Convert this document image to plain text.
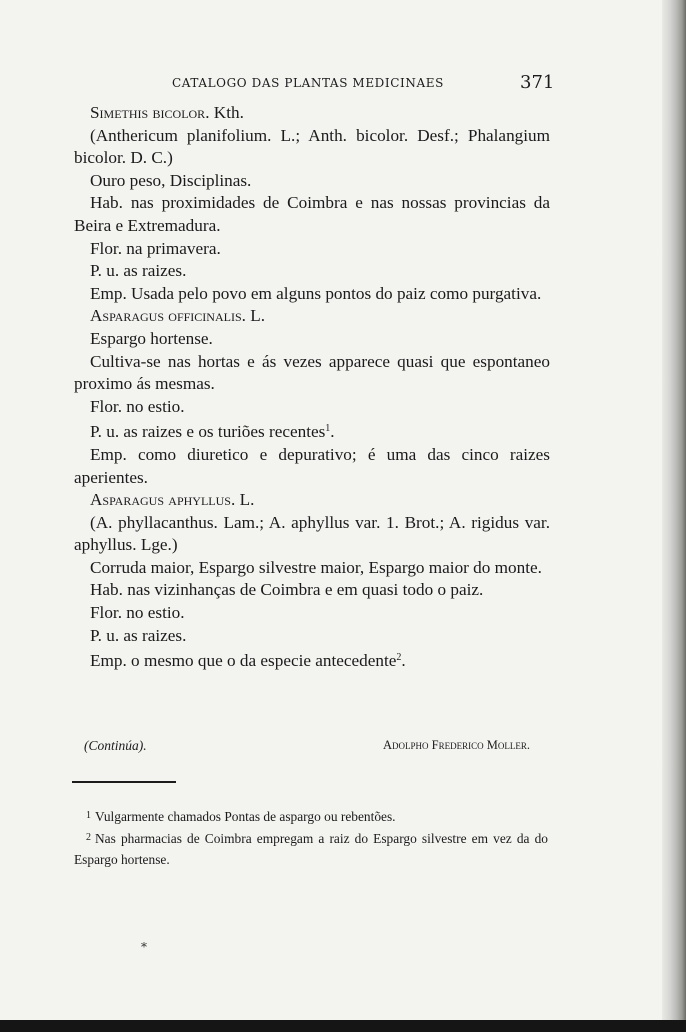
CATALOGO DAS PLANTAS MEDICINAES	371

Simethis bicolor. Kth.

(Anthericum planifolium. L.; Anth. bicolor. Desf.; Phalangium bicolor. D. C.)

Ouro peso, Disciplinas.

Hab. nas proximidades de Coimbra e nas nossas provincias da Beira e Extremadura.

Flor. na primavera.

P. u. as raizes.

Emp. Usada pelo povo em alguns pontos do paiz como purgativa.

Asparagus officinalis. L.

Espargo hortense.

Cultiva-se nas hortas e ás vezes apparece quasi que espontaneo proximo ás mesmas.

Flor. no estio.

P. u. as raizes e os turiões recentes$^1$.

Emp. como diuretico e depurativo; é uma das cinco raizes aperientes.

Asparagus aphyllus. L.

(A. phyllacanthus. Lam.; A. aphyllus var. 1. Brot.; A. rigidus var. aphyllus. Lge.)

Corruda maior, Espargo silvestre maior, Espargo maior do monte.

Hab. nas vizinhanças de Coimbra e em quasi todo o paiz.

Flor. no estio.

P. u. as raizes.

Emp. o mesmo que o da especie antecedente$^2$.

(Continúa).	Adolpho Frederico Moller.

$^1$ Vulgarmente chamados Pontas de aspargo ou rebentões.

$^2$ Nas pharmacias de Coimbra empregam a raiz do Espargo silvestre em vez da do Espargo hortense.

*
